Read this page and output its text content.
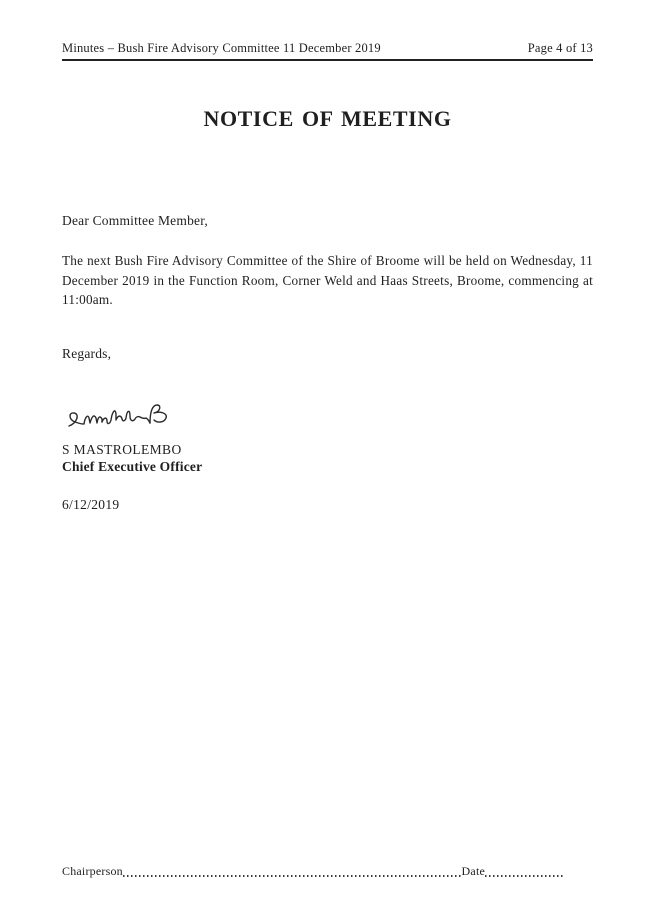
Minutes – Bush Fire Advisory Committee 11 December 2019	Page 4 of 13
NOTICE OF MEETING
Dear Committee Member,
The next Bush Fire Advisory Committee of the Shire of Broome will be held on Wednesday, 11 December 2019 in the Function Room, Corner Weld and Haas Streets, Broome, commencing at 11:00am.
Regards,
S MASTROLEMBO
Chief Executive Officer
6/12/2019
Chairperson	Date
